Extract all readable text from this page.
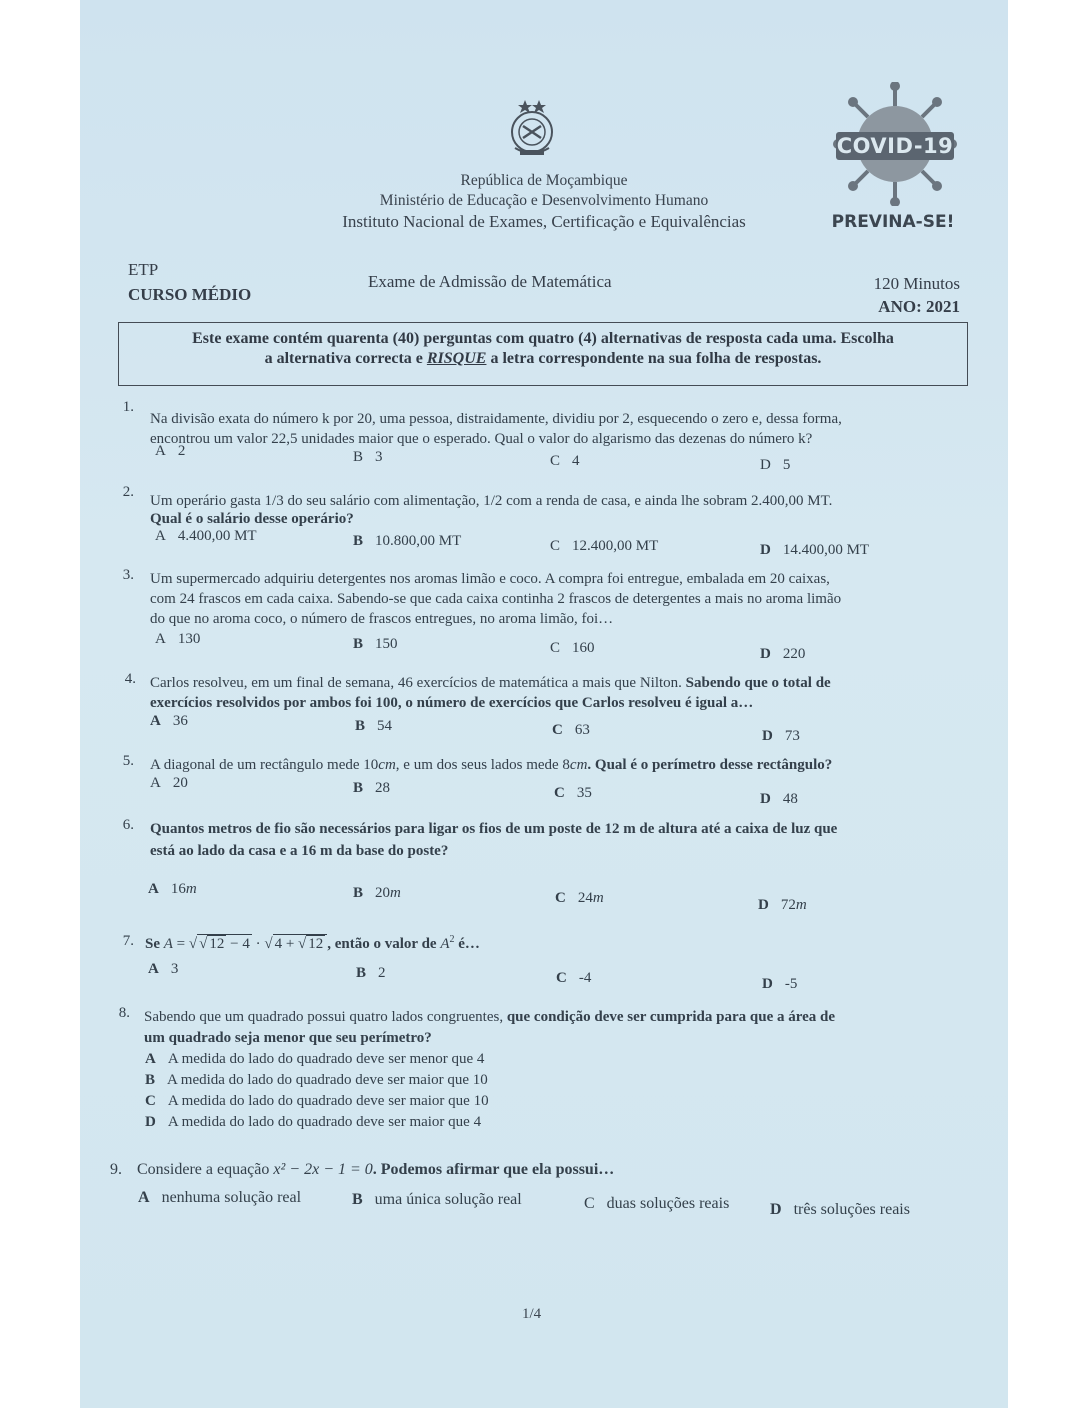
República de Moçambique
Ministério de Educação e Desenvolvimento Humano
Instituto Nacional de Exames, Certificação e Equivalências
COVID-19
PREVINA-SE!
ETP
CURSO MÉDIO
Exame de Admissão de Matemática	120 Minutos
ANO: 2021
Este exame contém quarenta (40) perguntas com quatro (4) alternativas de resposta cada uma. Escolha
a alternativa correcta e RISQUE a letra correspondente na sua folha de respostas.
1.
Na divisão exata do número k por 20, uma pessoa, distraidamente, dividiu por 2, esquecendo o zero e, dessa forma,
encontrou um valor 22,5 unidades maior que o esperado. Qual o valor do algarismo das dezenas do número k?
A 2	B 3	C 4	D 5
2.
Um operário gasta 1/3 do seu salário com alimentação, 1/2 com a renda de casa, e ainda lhe sobram 2.400,00 MT.
Qual é o salário desse operário?
A 4.400,00 MT	B 10.800,00 MT	C 12.400,00 MT	D 14.400,00 MT
3. Um supermercado adquiriu detergentes nos aromas limão e coco. A compra foi entregue, embalada em 20 caixas,
com 24 frascos em cada caixa. Sabendo-se que cada caixa continha 2 frascos de detergentes a mais no aroma limão
do que no aroma coco, o número de frascos entregues, no aroma limão, foi…
A 130	B 150	C 160	D 220
4. Carlos resolveu, em um final de semana, 46 exercícios de matemática a mais que Nilton. Sabendo que o total de
exercícios resolvidos por ambos foi 100, o número de exercícios que Carlos resolveu é igual a…
A 36	B 54	C 63	D 73
5. A diagonal de um rectângulo mede 10cm, e um dos seus lados mede 8cm. Qual é o perímetro desse rectângulo?
A 20	B 28	C 35	D 48
6. Quantos metros de fio são necessários para ligar os fios de um poste de 12 m de altura até a caixa de luz que
está ao lado da casa e a 16 m da base do poste?
A 16m	B 20m	C 24m	D 72m
7. Se A = √ √ 12 − 4 · √ 4 + √ 12 , então o valor de $A^2$ é…
A 3	B 2	C -4	D -5
8. Sabendo que um quadrado possui quatro lados congruentes, que condição deve ser cumprida para que a área de
um quadrado seja menor que seu perímetro?
A A medida do lado do quadrado deve ser menor que 4
B A medida do lado do quadrado deve ser maior que 10
C A medida do lado do quadrado deve ser maior que 10
D A medida do lado do quadrado deve ser maior que 4
9. Considere a equação x² − 2x − 1 = 0. Podemos afirmar que ela possui…
A nenhuma solução real	B uma única solução real	C duas soluções reais	D três soluções reais
1/4
